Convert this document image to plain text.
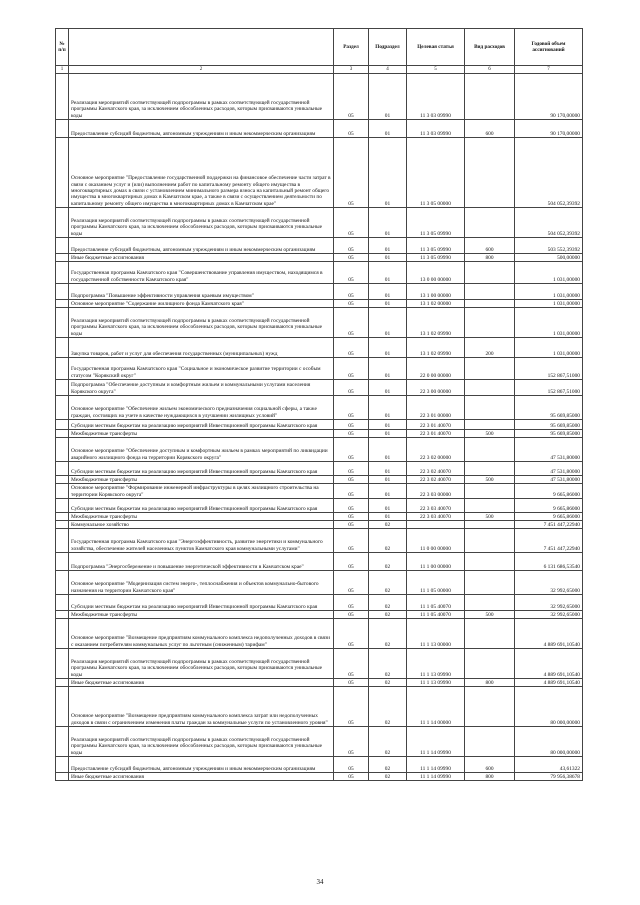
№ п/п		Раздел	Подраздел	Целевая статья	Вид расходов	Годовой объем ассигнований
1	2	3	4	5	6	7
	Реализация мероприятий соответствующей подпрограммы в рамках соответствующей государственной программы Камчатского края, за исключением обособленных расходов, которым присваиваются уникальные коды	05	01	11 3 03 09990		90 170,00000
	Предоставление субсидий бюджетным, автономным учреждениям и иным некоммерческим организациям	05	01	11 3 03 09990	600	90 170,00000
	Основное мероприятие "Предоставление государственной поддержки на финансовое обеспечение части затрат в связи с оказанием услуг и (или) выполнением работ по капитальному ремонту общего имущества в многоквартирных домах в связи с установлением минимального размера взноса на капитальный ремонт общего имущества в многоквартирных домах в Камчатском крае, а также в связи с осуществлением деятельности по капитальному ремонту общего имущества в многоквартирных домах в Камчатском крае"	05	01	11 3 05 00000		504 052,39392
	Реализация мероприятий соответствующей подпрограммы в рамках соответствующей государственной программы Камчатского края, за исключением обособленных расходов, которым присваиваются уникальные коды	05	01	11 3 05 09990		504 052,39392
	Предоставление субсидий бюджетным, автономным учреждениям и иным некоммерческим организациям	05	01	11 3 05 09990	600	503 552,39392
	Иные бюджетные ассигнования	05	01	11 3 05 09990	800	500,00000
	Государственная программа Камчатского края "Совершенствование управления имуществом, находящимся в государственной собственности Камчатского края"	05	01	13 0 00 00000		1 031,00000
	Подпрограмма "Повышение эффективности управления краевым имуществом"	05	01	13 1 00 00000		1 031,00000
	Основное мероприятие "Содержание жилищного фонда Камчатского края"	05	01	13 1 02 00000		1 031,00000
	Реализация мероприятий соответствующей подпрограммы в рамках соответствующей государственной программы Камчатского края, за исключением обособленных расходов, которым присваиваются уникальные коды	05	01	13 1 02 09990		1 031,00000
	Закупка товаров, работ и услуг для обеспечения государственных (муниципальных) нужд	05	01	13 1 02 09990	200	1 031,00000
	Государственная программа Камчатского края "Социальное и экономическое развитие территории с особым статусом "Корякский округ"	05	01	22 0 00 00000		152 867,51000
	Подпрограмма "Обеспечение доступным и комфортным жильем и коммунальными услугами населения Корякского округа"	05	01	22 3 00 00000		152 867,51000
	Основное мероприятие "Обеспечение жильем экономического предназначения социальной сферы, а также граждан, состоящих на учете в качестве нуждающихся в улучшении жилищных условий"	05	01	22 3 01 00000		95 669,85000
	Субсидии местным бюджетам на реализацию мероприятий Инвестиционной программы Камчатского края	05	01	22 3 01 40070		95 669,85000
	Межбюджетные трансферты	05	01	22 3 01 40070	500	95 669,85000
	Основное мероприятие "Обеспечение доступным и комфортным жильем в рамках мероприятий по ликвидации аварийного жилищного фонда на территории Корякского округа"	05	01	22 3 02 00000		47 531,80000
	Субсидии местным бюджетам на реализацию мероприятий Инвестиционной программы Камчатского края	05	01	22 3 02 40070		47 531,80000
	Межбюджетные трансферты	05	01	22 3 02 40070	500	47 531,80000
	Основное мероприятие "Формирование инженерной инфраструктуры в целях жилищного строительства на территории Корякского округа"	05	01	22 3 03 00000		9 665,86000
	Субсидии местным бюджетам на реализацию мероприятий Инвестиционной программы Камчатского края	05	01	22 3 03 40070		9 665,86000
	Межбюджетные трансферты	05	01	22 3 03 40070	500	9 665,86000
	Коммунальное хозяйство	05	02			7 451 447,22940
	Государственная программа Камчатского края "Энергоэффективность, развитие энергетики и коммунального хозяйства, обеспечение жителей населенных пунктов Камчатского края коммунальными услугами"	05	02	11 0 00 00000		7 451 447,22940
	Подпрограмма "Энергосбережение и повышение энергетической эффективности в Камчатском крае"	05	02	11 1 00 00000		6 131 686,53540
	Основное мероприятие "Модернизация систем энерго-, теплоснабжения и объектов коммунально-бытового назначения на территории Камчатского края"	05	02	11 1 05 00000		32 992,65000
	Субсидии местным бюджетам на реализацию мероприятий Инвестиционной программы Камчатского края	05	02	11 1 05 40070		32 992,65000
	Межбюджетные трансферты	05	02	11 1 05 40070	500	32 992,65000
	Основное мероприятие "Возмещение предприятиям коммунального комплекса недополученных доходов в связи с оказанием потребителям коммунальных услуг по льготным (сниженным) тарифам"	05	02	11 1 13 00000		4 889 691,10540
	Реализация мероприятий соответствующей подпрограммы в рамках соответствующей государственной программы Камчатского края, за исключением обособленных расходов, которым присваиваются уникальные коды	05	02	11 1 13 09990		4 889 691,10540
	Иные бюджетные ассигнования	05	02	11 1 13 09990	800	4 889 691,10540
	Основное мероприятие "Возмещение предприятиям коммунального комплекса затрат или недополученных доходов в связи с ограничением изменения платы граждан за коммунальные услуги по установленного уровня"	05	02	11 1 14 00000		80 000,00000
	Реализация мероприятий соответствующей подпрограммы в рамках соответствующей государственной программы Камчатского края, за исключением обособленных расходов, которым присваиваются уникальные коды	05	02	11 1 14 09990		80 000,00000
	Предоставление субсидий бюджетным, автономным учреждениям и иным некоммерческим организациям	05	02	11 1 14 09990	600	43,61322
	Иные бюджетные ассигнования	05	02	11 1 14 09990	800	79 956,38678
34
